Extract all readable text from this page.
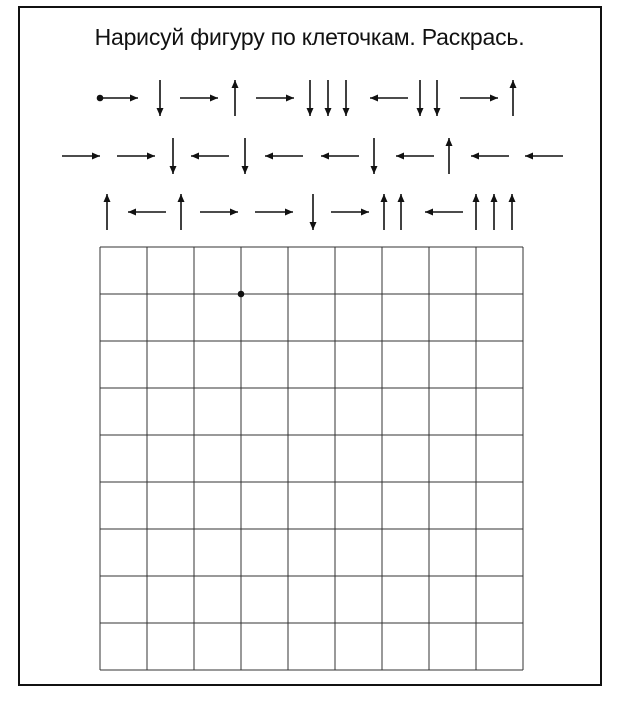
Нарисуй фигуру по клеточкам. Раскрась.
